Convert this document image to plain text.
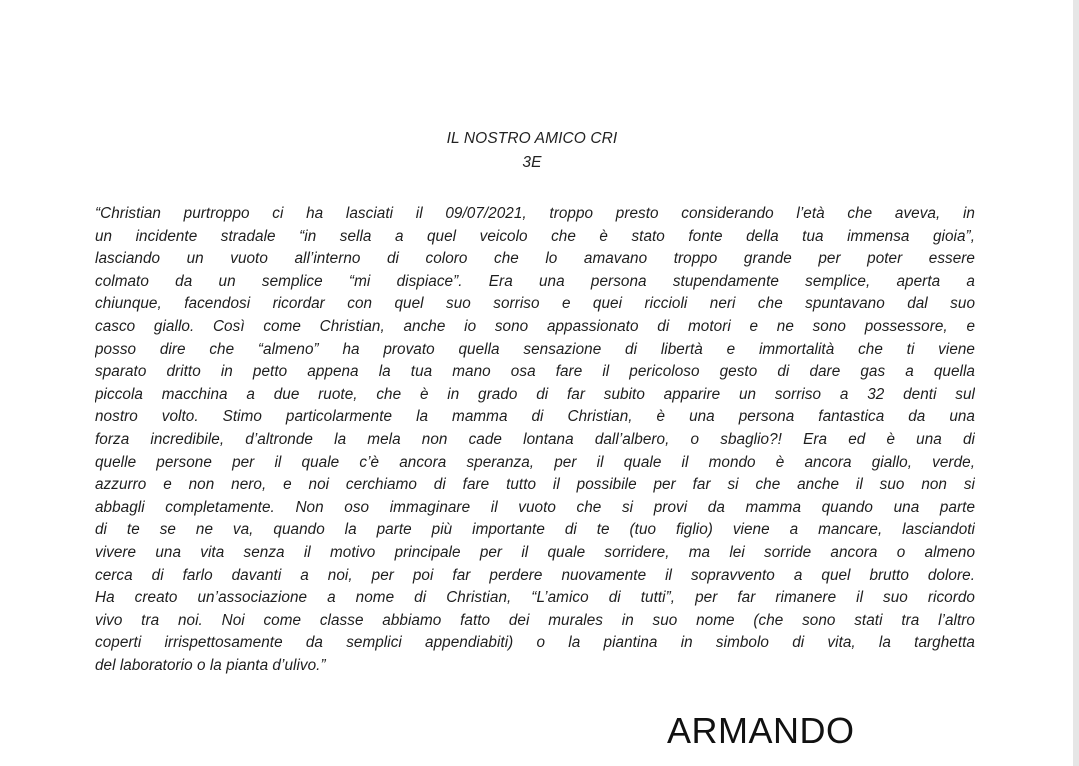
IL NOSTRO AMICO CRI
3E
“Christian purtroppo ci ha lasciati il 09/07/2021, troppo presto considerando l’età che aveva, in
un incidente stradale “in sella a quel veicolo che è stato fonte della tua immensa gioia”,
lasciando un vuoto all’interno di coloro che lo amavano troppo grande per poter essere
colmato da un semplice “mi dispiace”. Era una persona stupendamente semplice, aperta a
chiunque, facendosi ricordar con quel suo sorriso e quei riccioli neri che spuntavano dal suo
casco giallo. Così come Christian, anche io sono appassionato di motori e ne sono possessore, e
posso dire che “almeno” ha provato quella sensazione di libertà e immortalità che ti viene
sparato dritto in petto appena la tua mano osa fare il pericoloso gesto di dare gas a quella
piccola macchina a due ruote, che è in grado di far subito apparire un sorriso a 32 denti sul
nostro volto. Stimo particolarmente la mamma di Christian, è una persona fantastica da una
forza incredibile, d’altronde la mela non cade lontana dall’albero, o sbaglio?! Era ed è una di
quelle persone per il quale c’è ancora speranza, per il quale il mondo è ancora giallo, verde,
azzurro e non nero, e noi cerchiamo di fare tutto il possibile per far si che anche il suo non si
abbagli completamente. Non oso immaginare il vuoto che si provi da mamma quando una parte
di te se ne va, quando la parte più importante di te (tuo figlio) viene a mancare, lasciandoti
vivere una vita senza il motivo principale per il quale sorridere, ma lei sorride ancora o almeno
cerca di farlo davanti a noi, per poi far perdere nuovamente il sopravvento a quel brutto dolore.
Ha creato un’associazione a nome di Christian, “L’amico di tutti”, per far rimanere il suo ricordo
vivo tra noi. Noi come classe abbiamo fatto dei murales in suo nome (che sono stati tra l’altro
coperti irrispettosamente da semplici appendiabiti) o la piantina in simbolo di vita, la targhetta
del laboratorio o la pianta d’ulivo.”
ARMANDO
